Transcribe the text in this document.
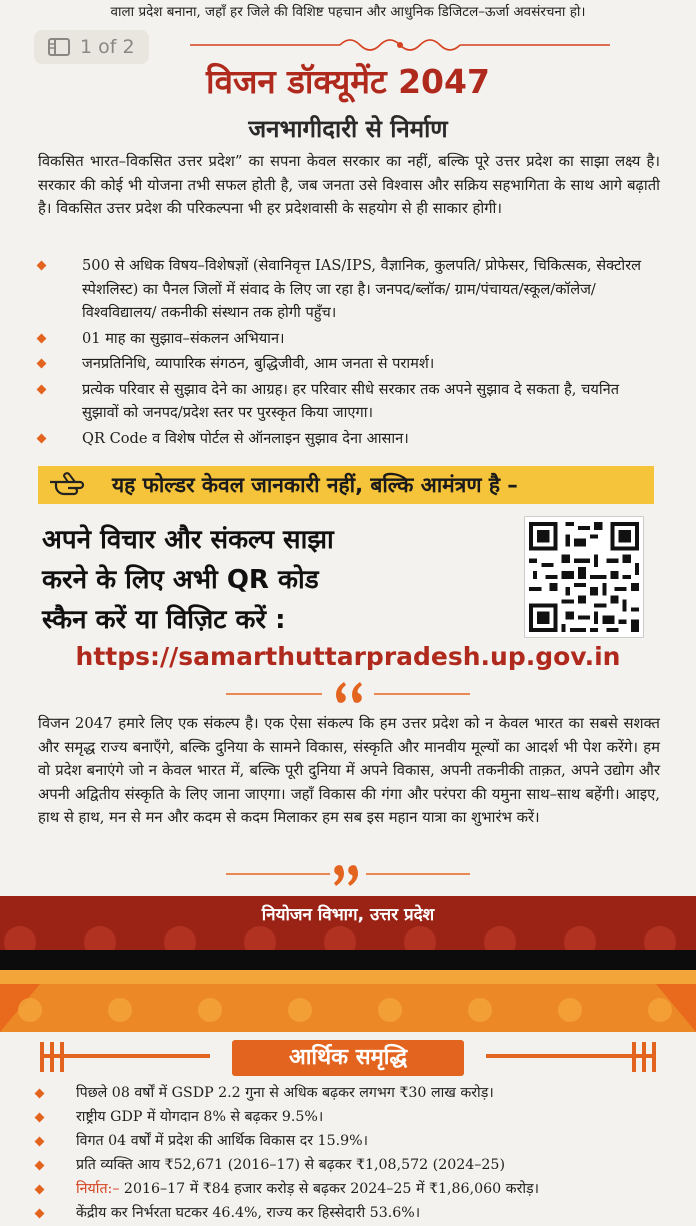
वाला प्रदेश बनाना, जहाँ हर जिले की विशिष्ट पहचान और आधुनिक डिजिटल–ऊर्जा अवसंरचना हो।
1 of 2
विजन डॉक्यूमेंट 2047
जनभागीदारी से निर्माण
विकसित भारत–विकसित उत्तर प्रदेश” का सपना केवल सरकार का नहीं, बल्कि पूरे उत्तर प्रदेश का साझा लक्ष्य है। सरकार की कोई भी योजना तभी सफल होती है, जब जनता उसे विश्वास और सक्रिय सहभागिता के साथ आगे बढ़ाती है। विकसित उत्तर प्रदेश की परिकल्पना भी हर प्रदेशवासी के सहयोग से ही साकार होगी।
500 से अधिक विषय–विशेषज्ञों (सेवानिवृत्त IAS/IPS, वैज्ञानिक, कुलपति/ प्रोफेसर, चिकित्सक, सेक्टोरल स्पेशलिस्ट) का पैनल जिलों में संवाद के लिए जा रहा है। जनपद/ब्लॉक/ ग्राम/पंचायत/स्कूल/कॉलेज/विश्वविद्यालय/ तकनीकी संस्थान तक होगी पहुँच।
01 माह का सुझाव–संकलन अभियान।
जनप्रतिनिधि, व्यापारिक संगठन, बुद्धिजीवी, आम जनता से परामर्श।
प्रत्येक परिवार से सुझाव देने का आग्रह। हर परिवार सीधे सरकार तक अपने सुझाव दे सकता है, चयनित सुझावों को जनपद/प्रदेश स्तर पर पुरस्कृत किया जाएगा।
QR Code व विशेष पोर्टल से ऑनलाइन सुझाव देना आसान।
यह फोल्डर केवल जानकारी नहीं, बल्कि आमंत्रण है –
अपने विचार और संकल्प साझा
करने के लिए अभी QR कोड
स्कैन करें या विज़िट करें :
https://samarthuttarpradesh.up.gov.in
विजन 2047 हमारे लिए एक संकल्प है। एक ऐसा संकल्प कि हम उत्तर प्रदेश को न केवल भारत का सबसे सशक्त और समृद्ध राज्य बनाएँगे, बल्कि दुनिया के सामने विकास, संस्कृति और मानवीय मूल्यों का आदर्श भी पेश करेंगे। हम वो प्रदेश बनाएंगे जो न केवल भारत में, बल्कि पूरी दुनिया में अपने विकास, अपनी तकनीकी ताक़त, अपने उद्योग और अपनी अद्वितीय संस्कृति के लिए जाना जाएगा। जहाँ विकास की गंगा और परंपरा की यमुना साथ–साथ बहेंगी। आइए, हाथ से हाथ, मन से मन और कदम से कदम मिलाकर हम सब इस महान यात्रा का शुभारंभ करें।
नियोजन विभाग, उत्तर प्रदेश
आर्थिक समृद्धि
पिछले 08 वर्षों में GSDP 2.2 गुना से अधिक बढ़कर लगभग ₹30 लाख करोड़।
राष्ट्रीय GDP में योगदान 8% से बढ़कर 9.5%।
विगत 04 वर्षों में प्रदेश की आर्थिक विकास दर 15.9%।
प्रति व्यक्ति आय ₹52,671 (2016–17) से बढ़कर ₹1,08,572 (2024–25)
निर्यात:– 2016–17 में ₹84 हजार करोड़ से बढ़कर 2024–25 में ₹1,86,060 करोड़।
केंद्रीय कर निर्भरता घटकर 46.4%, राज्य कर हिस्सेदारी 53.6%।
